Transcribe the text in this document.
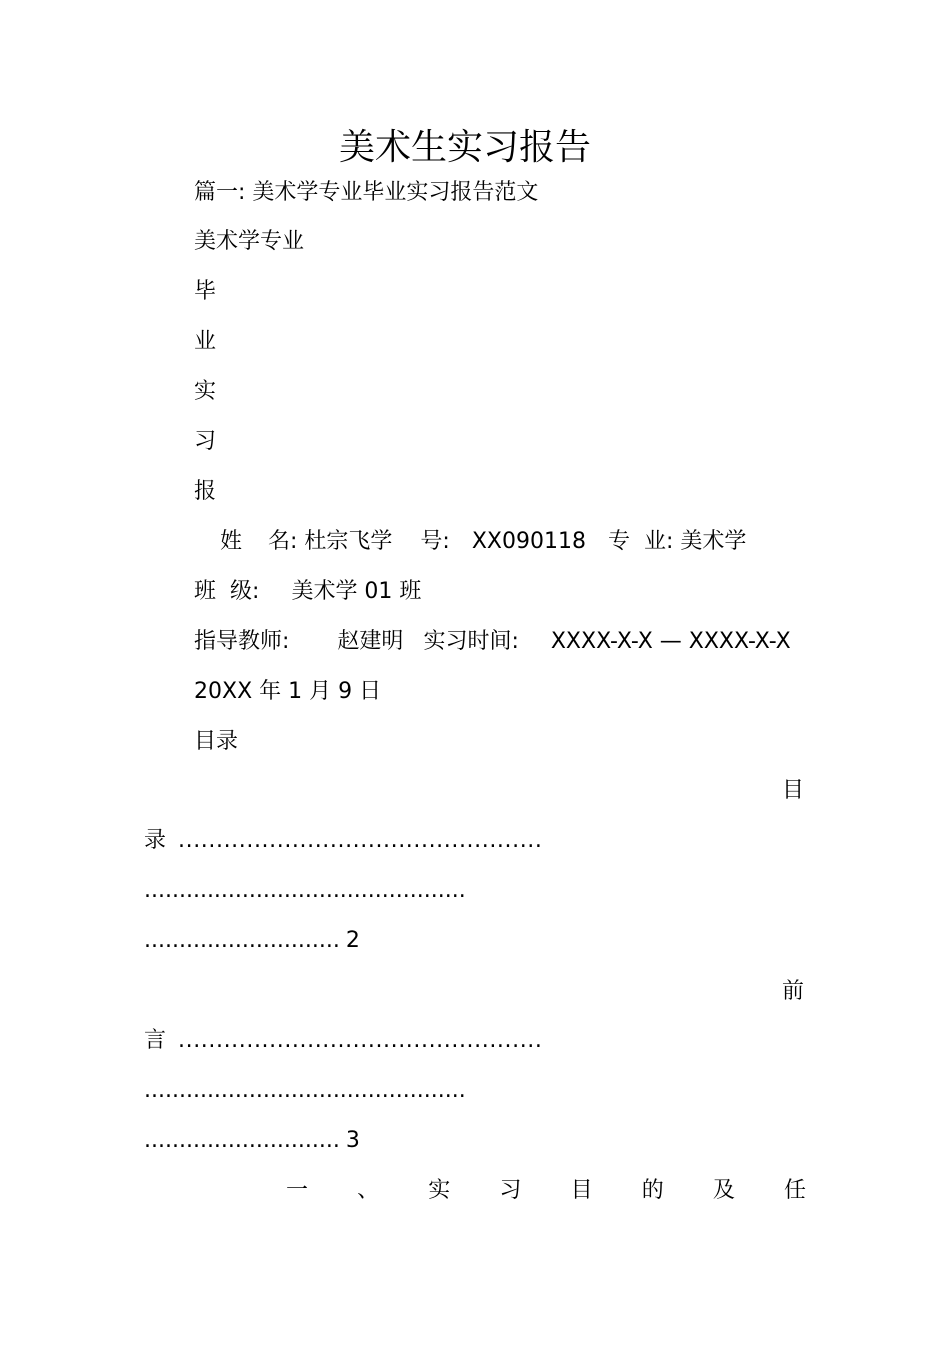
美术生实习报告
篇一: 美术学专业毕业实习报告范文
美术学专业
毕
业
实
习
报
姓 名: 杜宗飞学 号: XX090118 专 业: 美术学
班 级: 美术学 01 班
指导教师: 赵建明 实习时间: XXXX-X-X — XXXX-X-X
20XX 年 1 月 9 日
目录
目
录 ................................................
..............................................
............................ 2
前
言 ................................................
..............................................
............................ 3
一 、 实 习 目 的 及 任
